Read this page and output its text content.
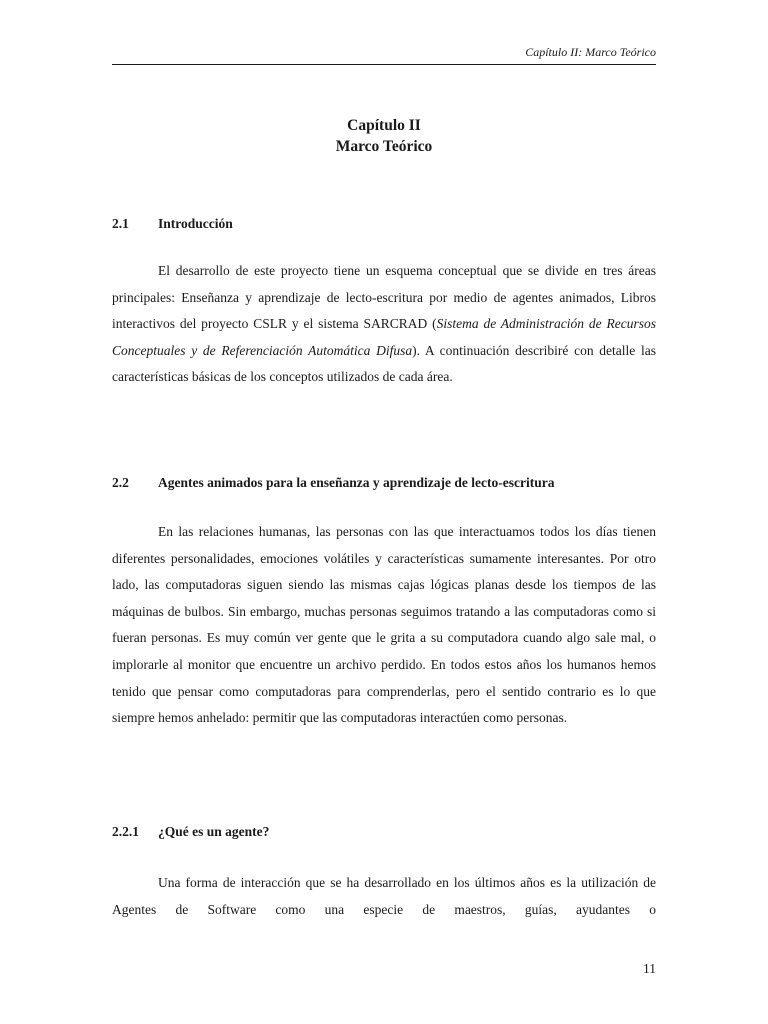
Capítulo II: Marco Teórico
Capítulo II
Marco Teórico
2.1 Introducción

El desarrollo de este proyecto tiene un esquema conceptual que se divide en tres áreas principales: Enseñanza y aprendizaje de lecto-escritura por medio de agentes animados, Libros interactivos del proyecto CSLR y el sistema SARCRAD (Sistema de Administración de Recursos Conceptuales y de Referenciación Automática Difusa). A continuación describiré con detalle las características básicas de los conceptos utilizados de cada área.

2.2 Agentes animados para la enseñanza y aprendizaje de lecto-escritura

En las relaciones humanas, las personas con las que interactuamos todos los días tienen diferentes personalidades, emociones volátiles y características sumamente interesantes. Por otro lado, las computadoras siguen siendo las mismas cajas lógicas planas desde los tiempos de las máquinas de bulbos. Sin embargo, muchas personas seguimos tratando a las computadoras como si fueran personas. Es muy común ver gente que le grita a su computadora cuando algo sale mal, o implorarle al monitor que encuentre un archivo perdido. En todos estos años los humanos hemos tenido que pensar como computadoras para comprenderlas, pero el sentido contrario es lo que siempre hemos anhelado: permitir que las computadoras interactúen como personas.

2.2.1 ¿Qué es un agente?

Una forma de interacción que se ha desarrollado en los últimos años es la utilización de Agentes de Software como una especie de maestros, guías, ayudantes o

11
